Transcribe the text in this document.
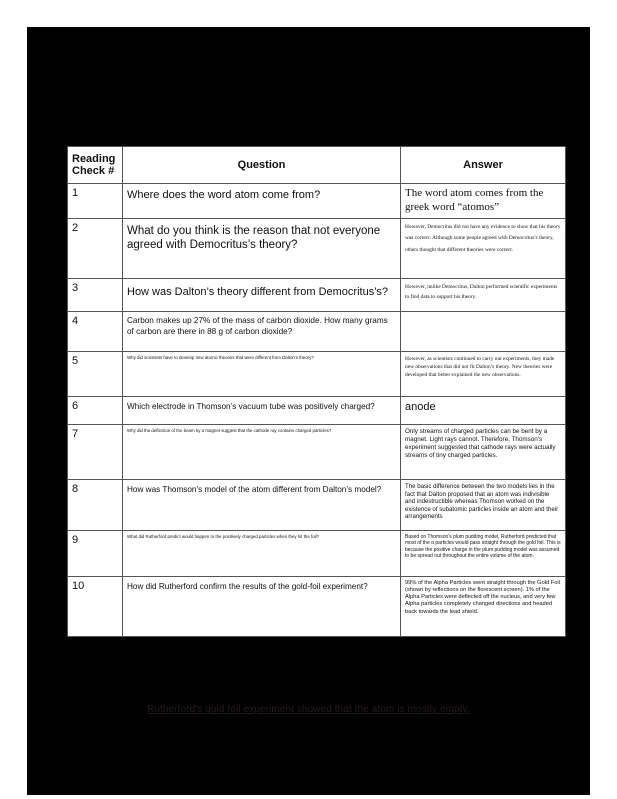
Reading Check #	Question	Answer
1	Where does the word atom come from?	The word atom comes from the greek word “atomos”

2	What do you think is the reason that not everyone agreed with Democritus’s theory?	However, Democritus did not have any evidence to show that his theory was correct. Although some people agreed with Democritus’s theory, others thought that different theories were correct.

3	How was Dalton’s theory different from Democritus’s?	However, unlike Democritus, Dalton performed scientific experiments to find data to support his theory.

4	Carbon makes up 27% of the mass of carbon dioxide. How many grams of carbon are there in 88 g of carbon dioxide?	

5	Why did scientists have to develop new atomic theories that were different from Dalton’s theory?	However, as scientists continued to carry out experiments, they made new observations that did not fit Dalton’s theory. New theories were developed that better explained the new observations.

6	Which electrode in Thomson’s vacuum tube was positively charged?	anode

7	Why did the deflection of the beam by a magnet suggest that the cathode ray contains charged particles?	Only streams of charged particles can be bent by a magnet. Light rays cannot. Therefore, Thomson's experiment suggested that cathode rays were actually streams of tiny charged particles.

8	How was Thomson’s model of the atom different from Dalton’s model?	The basic difference between the two models lies in the fact that Dalton proposed that an atom was indivisible and indestructible whereas Thomson worked on the existence of subatomic particles inside an atom and their arrangements

9	What did Rutherford predict would happen to the positively charged particles when they hit the foil?	Based on Thomson's plum pudding model, Rutherford predicted that most of the α particles would pass straight through the gold foil. This is because the positive charge in the plum pudding model was assumed to be spread out throughout the entire volume of the atom.

10	How did Rutherford confirm the results of the gold-foil experiment?	99% of the Alpha Particles went straight through the Gold Foil (shown by reflections on the florescent screen). 1% of the Alpha Particles were deflected off the nucleus, and very few Alpha particles completely changed directions and headed back towards the lead shield.
Rutherford's gold foil experiment showed that the atom is mostly empty.
